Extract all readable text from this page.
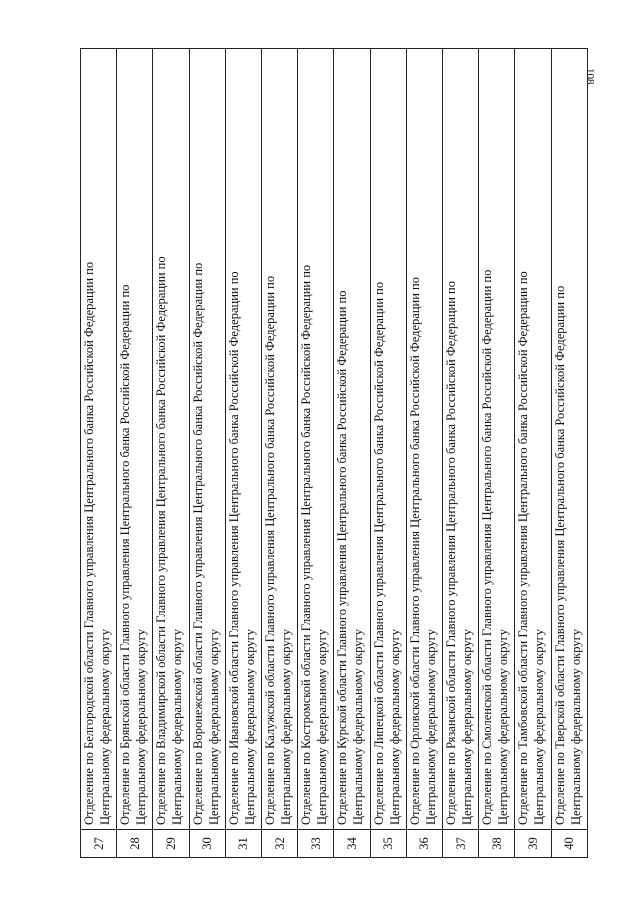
108
27	Отделение по Белгородской области Главного управления Центрального банка Российской Федерации по Центральному федеральному округу

28	Отделение по Брянской области Главного управления Центрального банка Российской Федерации по Центральному федеральному округу

29	Отделение по Владимирской области Главного управления Центрального банка Российской Федерации по Центральному федеральному округу

30	Отделение по Воронежской области Главного управления Центрального банка Российской Федерации по Центральному федеральному округу

31	Отделение по Ивановской области Главного управления Центрального банка Российской Федерации по Центральному федеральному округу

32	Отделение по Калужской области Главного управления Центрального банка Российской Федерации по Центральному федеральному округу

33	Отделение по Костромской области Главного управления Центрального банка Российской Федерации по Центральному федеральному округу

34	Отделение по Курской области Главного управления Центрального банка Российской Федерации по Центральному федеральному округу

35	Отделение по Липецкой области Главного управления Центрального банка Российской Федерации по Центральному федеральному округу

36	Отделение по Орловской области Главного управления Центрального банка Российской Федерации по Центральному федеральному округу

37	Отделение по Рязанской области Главного управления Центрального банка Российской Федерации по Центральному федеральному округу

38	Отделение по Смоленской области Главного управления Центрального банка Российской Федерации по Центральному федеральному округу

39	Отделение по Тамбовской области Главного управления Центрального банка Российской Федерации по Центральному федеральному округу

40	Отделение по Тверской области Главного управления Центрального банка Российской Федерации по Центральному федеральному округу
